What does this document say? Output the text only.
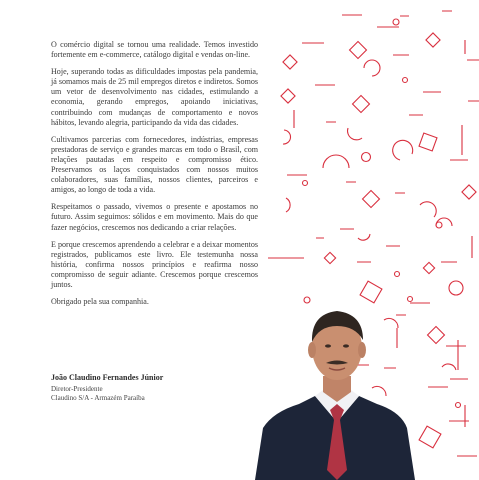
O comércio digital se tornou uma realidade. Temos investido fortemente em e-commerce, catálogo digital e vendas on-line.

Hoje, superando todas as dificuldades impostas pela pandemia, já somamos mais de 25 mil empregos diretos e indiretos. Somos um vetor de desenvolvimento nas cidades, estimulando a economia, gerando empregos, apoiando iniciativas, contribuindo com mudanças de comportamento e novos hábitos, levando alegria, participando da vida das cidades.

Cultivamos parcerias com fornecedores, indústrias, empresas prestadoras de serviço e grandes marcas em todo o Brasil, com relações pautadas em respeito e compromisso ético. Preservamos os laços conquistados com nossos muitos colaboradores, suas famílias, nossos clientes, parceiros e amigos, ao longo de toda a vida.

Respeitamos o passado, vivemos o presente e apostamos no futuro. Assim seguimos: sólidos e em movimento. Mais do que fazer negócios, crescemos nos dedicando a criar relações.

E porque crescemos aprendendo a celebrar e a deixar momentos registrados, publicamos este livro. Ele testemunha nossa história, confirma nossos princípios e reafirma nosso compromisso de seguir adiante. Crescemos porque crescemos juntos.

Obrigado pela sua companhia.

João Claudino Fernandes Júnior
Diretor-Presidente
Claudino S/A - Armazém Paraíba
